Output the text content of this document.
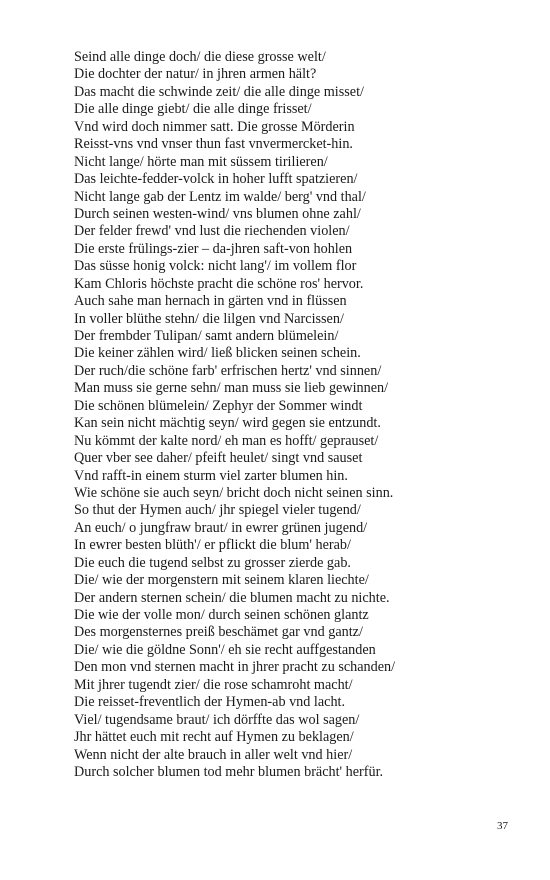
Seind alle dinge doch/ die diese grosse welt/
Die dochter der natur/ in jhren armen hält?
Das macht die schwinde zeit/ die alle dinge misset/
Die alle dinge giebt/ die alle dinge frisset/
Vnd wird doch nimmer satt. Die grosse Mörderin
Reisst-vns vnd vnser thun fast vnvermercket-hin.
Nicht lange/ hörte man mit süssem tirilieren/
Das leichte-fedder-volck in hoher lufft spatzieren/
Nicht lange gab der Lentz im walde/ berg' vnd thal/
Durch seinen westen-wind/ vns blumen ohne zahl/
Der felder frewd' vnd lust die riechenden violen/
Die erste frülings-zier – da-jhren saft-von hohlen
Das süsse honig volck: nicht lang'/ im vollem flor
Kam Chloris höchste pracht die schöne ros' hervor.
Auch sahe man hernach in gärten vnd in flüssen
In voller blüthe stehn/ die lilgen vnd Narcissen/
Der frembder Tulipan/ samt andern blümelein/
Die keiner zählen wird/ ließ blicken seinen schein.
Der ruch/die schöne farb' erfrischen hertz' vnd sinnen/
Man muss sie gerne sehn/ man muss sie lieb gewinnen/
Die schönen blümelein/ Zephyr der Sommer windt
Kan sein nicht mächtig seyn/ wird gegen sie entzundt.
Nu kömmt der kalte nord/ eh man es hofft/ geprauset/
Quer vber see daher/ pfeift heulet/ singt vnd sauset
Vnd rafft-in einem sturm viel zarter blumen hin.
Wie schöne sie auch seyn/ bricht doch nicht seinen sinn.
So thut der Hymen auch/ jhr spiegel vieler tugend/
An euch/ o jungfraw braut/ in ewrer grünen jugend/
In ewrer besten blüth'/ er pflickt die blum' herab/
Die euch die tugend selbst zu grosser zierde gab.
Die/ wie der morgenstern mit seinem klaren liechte/
Der andern sternen schein/ die blumen macht zu nichte.
Die wie der volle mon/ durch seinen schönen glantz
Des morgensternes preiß beschämet gar vnd gantz/
Die/ wie die göldne Sonn'/ eh sie recht auffgestanden
Den mon vnd sternen macht in jhrer pracht zu schanden/
Mit jhrer tugendt zier/ die rose schamroht macht/
Die reisset-freventlich der Hymen-ab vnd lacht.
Viel/ tugendsame braut/ ich dörffte das wol sagen/
Jhr hättet euch mit recht auf Hymen zu beklagen/
Wenn nicht der alte brauch in aller welt vnd hier/
Durch solcher blumen tod mehr blumen brächt' herfür.
37
